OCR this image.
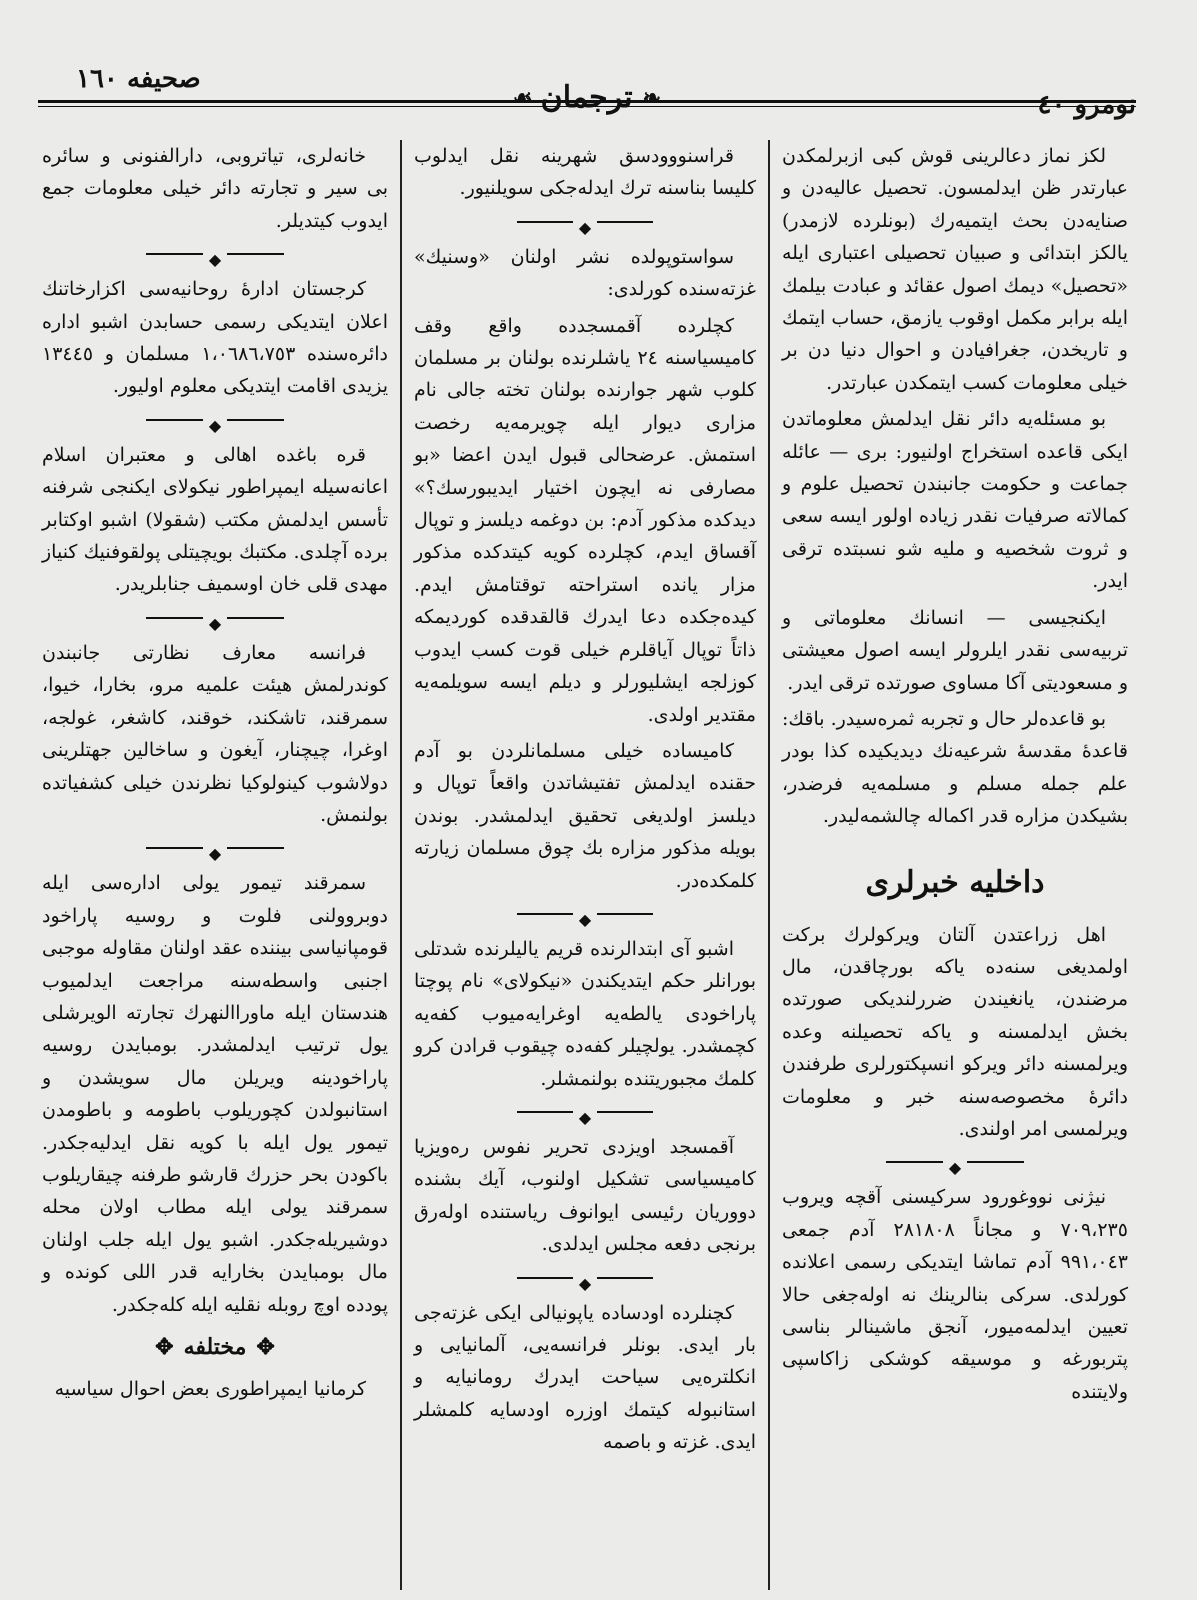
نومرو ٤٠
❧
ترجمان
☙
صحيفه ١٦٠

لكز نماز دعالرينى قوش كبى ازبرلمكدن عبارتدر ظن ايدلمسون. تحصيل عاليه‌دن و صنايه‌دن بحث ايتميه‌رك (بونلرده لازمدر) يالكز ابتدائى و صبيان تحصيلى اعتبارى ايله «تحصيل» ديمك اصول عقائد و عبادت بيلمك ايله برابر مكمل اوقوب يازمق، حساب ايتمك و تاريخدن، جغرافيادن و احوال دنيا دن بر خيلى معلومات كسب ايتمكدن عبارتدر.

بو مسئله‌يه دائر نقل ايدلمش معلوماتدن ايكى قاعده استخراج اولنيور: برى — عائله جماعت و حكومت جانبندن تحصيل علوم و كمالاته صرفيات نقدر زياده اولور ايسه سعى و ثروت شخصيه و مليه شو نسبتده ترقى ايدر.

ايكنجيسى — انسانك معلوماتى و تربيه‌سى نقدر ايلرولر ايسه اصول معيشتى و مسعوديتى آكا مساوى صورتده ترقى ايدر.

بو قاعده‌لر حال و تجربه ثمره‌سيدر. باقك: قاعدهٔ مقدسهٔ شرعيه‌نك ديديكيده كذا بودر علم جمله مسلم و مسلمه‌يه فرضدر، بشيكدن مزاره قدر اكماله چالشمه‌ليدر.

داخليه خبرلرى

اهل زراعتدن آلتان ويركولرك بركت اولمديغى سنه‌ده ياكه بورچاقدن، مال مرضندن، يانغيندن ضررلنديكى صورتده بخش ايدلمسنه و ياكه تحصيلنه وعده ويرلمسنه دائر ويركو انسپكتورلرى طرفندن دائرهٔ مخصوصه‌سنه خبر و معلومات ويرلمسى امر اولندى.

◆

نيژنى نووغورود سركيسنى آقچه ويروب ٧٠٩،٢٣٥ و مجاناً ٢٨١٨٠٨ آدم جمعى ٩٩١،٠٤٣ آدم تماشا ايتديكى رسمى اعلانده كورلدى. سركى بنالرينك نه اوله‌جغى حالا تعيين ايدلمه‌ميور، آنجق ماشينالر بناسى پتربورغه و موسيقه كوشكى زاكاسپى ولايتنده

قراسنووودسق شهرينه نقل ايدلوب كليسا بناسنه ترك ايدله‌جكى سويلنيور.

◆

سواستوپولده نشر اولنان «وسنيك» غزته‌سنده كورلدى:

كچلرده آقمسجدده واقع وقف كاميسياسنه ٢٤ ياشلرنده بولنان بر مسلمان كلوب شهر جوارنده بولنان تخته جالى نام مزارى ديوار ايله چويرمه‌يه رخصت استمش. عرضحالى قبول ايدن اعضا «بو مصارفى نه ايچون اختيار ايديبورسك؟» ديدكده مذكور آدم: بن دوغمه ديلسز و توپال آقساق ايدم، كچلرده كويه كيتدكده مذكور مزار يانده استراحته توقتامش ايدم. كيده‌جكده دعا ايدرك قالقدقده كورديمكه ذاتاً توپال آياقلرم خيلى قوت كسب ايدوب كوزلجه ايشليورلر و ديلم ايسه سويلمه‌يه مقتدير اولدى.

كاميساده خيلى مسلمانلردن بو آدم حقنده ايدلمش تفتيشاتدن واقعاً توپال و ديلسز اولديغى تحقيق ايدلمشدر. بوندن بويله مذكور مزاره بك چوق مسلمان زيارته كلمكده‌در.

◆

اشبو آى ابتدالرنده قريم ياليلرنده شدتلى بورانلر حكم ايتديكندن «نيكولاى» نام پوچتا پاراخودى يالطه‌يه اوغرايه‌ميوب كفه‌يه كچمشدر. يولچيلر كفه‌ده چيقوب قرادن كرو كلمك مجبوريتنده بولنمشلر.

◆

آقمسجد اويزدى تحرير نفوس ره‌ويزيا كاميسياسى تشكيل اولنوب، آيك بشنده دووريان رئيسى ايوانوف رياستنده اوله‌رق برنجى دفعه مجلس ايدلدى.

◆

كچنلرده اودساده ياپونيالى ايكى غزته‌جى بار ايدى. بونلر فرانسه‌يى، آلمانيايى و انكلتره‌يى سياحت ايدرك رومانيايه و استانبوله كيتمك اوزره اودسايه كلمشلر ايدى. غزته و باصمه

خانه‌لرى، تياتروبى، دارالفنونى و سائره بى سير و تجارته دائر خيلى معلومات جمع ايدوب كيتديلر.

◆

كرجستان ادارهٔ روحانيه‌سى اكزارخاتنك اعلان ايتديكى رسمى حسابدن اشبو اداره دائره‌سنده ١،٠٦٨٦،٧٥٣ مسلمان و ١٣٤٤٥ يزيدى اقامت ايتديكى معلوم اوليور.

◆

قره باغده اهالى و معتبران اسلام اعانه‌سيله ايمپراطور نيكولاى ايكنجى شرفنه تأسس ايدلمش مكتب (شقولا) اشبو اوكتابر برده آچلدى. مكتبك بويچيتلى پولقوفنيك كنياز مهدى قلى خان اوسميف جنابلريدر.

◆

فرانسه معارف نظارتى جانبندن كوندرلمش هيئت علميه مرو، بخارا، خيوا، سمرقند، تاشكند، خوقند، كاشغر، غولجه، اوغرا، چيچنار، آيغون و ساخالين جهتلرينى دولاشوب كينولوكيا نظرندن خيلى كشفياتده بولنمش.

◆

سمرقند تيمور يولى اداره‌سى ايله دوبروولنى فلوت و روسيه پاراخود قومپانياسى بيننده عقد اولنان مقاوله موجبى اجنبى واسطه‌سنه مراجعت ايدلميوب هندستان ايله ماوراالنهرك تجارته الويرشلى يول ترتيب ايدلمشدر. بومبايدن روسيه پاراخودينه ويريلن مال سويشدن و استانبولدن كچوريلوب باطومه و باطومدن تيمور يول ايله با كويه نقل ايدليه‌جكدر. باكودن بحر حزرك قارشو طرفنه چيقاريلوب سمرقند يولى ايله مطاب اولان محله دوشيريله‌جكدر. اشبو يول ايله جلب اولنان مال بومبايدن بخارايه قدر اللى كونده و پودده اوچ روبله نقليه ايله كله‌جكدر.

✥
مختلفه
✥

كرمانيا ايمپراطورى بعض احوال سياسيه
